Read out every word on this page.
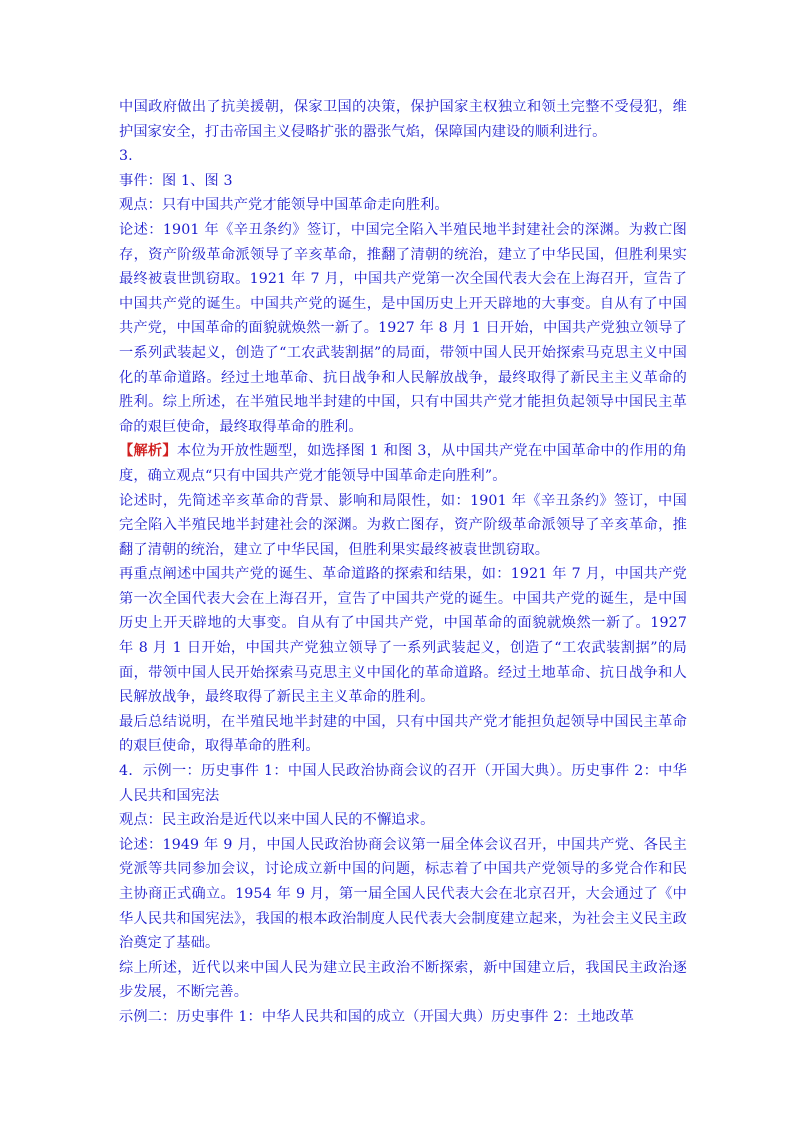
中国政府做出了抗美援朝，保家卫国的决策，保护国家主权独立和领土完整不受侵犯，维护国家安全，打击帝国主义侵略扩张的嚣张气焰，保障国内建设的顺利进行。

3.

事件：图 1、图 3

观点：只有中国共产党才能领导中国革命走向胜利。

论述：1901 年《辛丑条约》签订，中国完全陷入半殖民地半封建社会的深渊。为救亡图存，资产阶级革命派领导了辛亥革命，推翻了清朝的统治，建立了中华民国，但胜利果实最终被袁世凯窃取。1921 年 7 月，中国共产党第一次全国代表大会在上海召开，宣告了中国共产党的诞生。中国共产党的诞生，是中国历史上开天辟地的大事变。自从有了中国共产党，中国革命的面貌就焕然一新了。1927 年 8 月 1 日开始，中国共产党独立领导了一系列武装起义，创造了“工农武装割据”的局面，带领中国人民开始探索马克思主义中国化的革命道路。经过土地革命、抗日战争和人民解放战争，最终取得了新民主主义革命的胜利。综上所述，在半殖民地半封建的中国，只有中国共产党才能担负起领导中国民主革命的艰巨使命，最终取得革命的胜利。

【解析】本位为开放性题型，如选择图 1 和图 3，从中国共产党在中国革命中的作用的角度，确立观点“只有中国共产党才能领导中国革命走向胜利”。

论述时，先简述辛亥革命的背景、影响和局限性，如：1901 年《辛丑条约》签订，中国完全陷入半殖民地半封建社会的深渊。为救亡图存，资产阶级革命派领导了辛亥革命，推翻了清朝的统治，建立了中华民国，但胜利果实最终被袁世凯窃取。

再重点阐述中国共产党的诞生、革命道路的探索和结果，如：1921 年 7 月，中国共产党第一次全国代表大会在上海召开，宣告了中国共产党的诞生。中国共产党的诞生，是中国历史上开天辟地的大事变。自从有了中国共产党，中国革命的面貌就焕然一新了。1927 年 8 月 1 日开始，中国共产党独立领导了一系列武装起义，创造了“工农武装割据”的局面，带领中国人民开始探索马克思主义中国化的革命道路。经过土地革命、抗日战争和人民解放战争，最终取得了新民主主义革命的胜利。

最后总结说明，在半殖民地半封建的中国，只有中国共产党才能担负起领导中国民主革命的艰巨使命，取得革命的胜利。

4．示例一：历史事件 1：中国人民政治协商会议的召开（开国大典）。历史事件 2：中华人民共和国宪法

观点：民主政治是近代以来中国人民的不懈追求。

论述：1949 年 9 月，中国人民政治协商会议第一届全体会议召开，中国共产党、各民主党派等共同参加会议，讨论成立新中国的问题，标志着了中国共产党领导的多党合作和民主协商正式确立。1954 年 9 月，第一届全国人民代表大会在北京召开，大会通过了《中华人民共和国宪法》，我国的根本政治制度人民代表大会制度建立起来，为社会主义民主政治奠定了基础。

综上所述，近代以来中国人民为建立民主政治不断探索，新中国建立后，我国民主政治逐步发展，不断完善。

示例二：历史事件 1：中华人民共和国的成立（开国大典）历史事件 2：土地改革
